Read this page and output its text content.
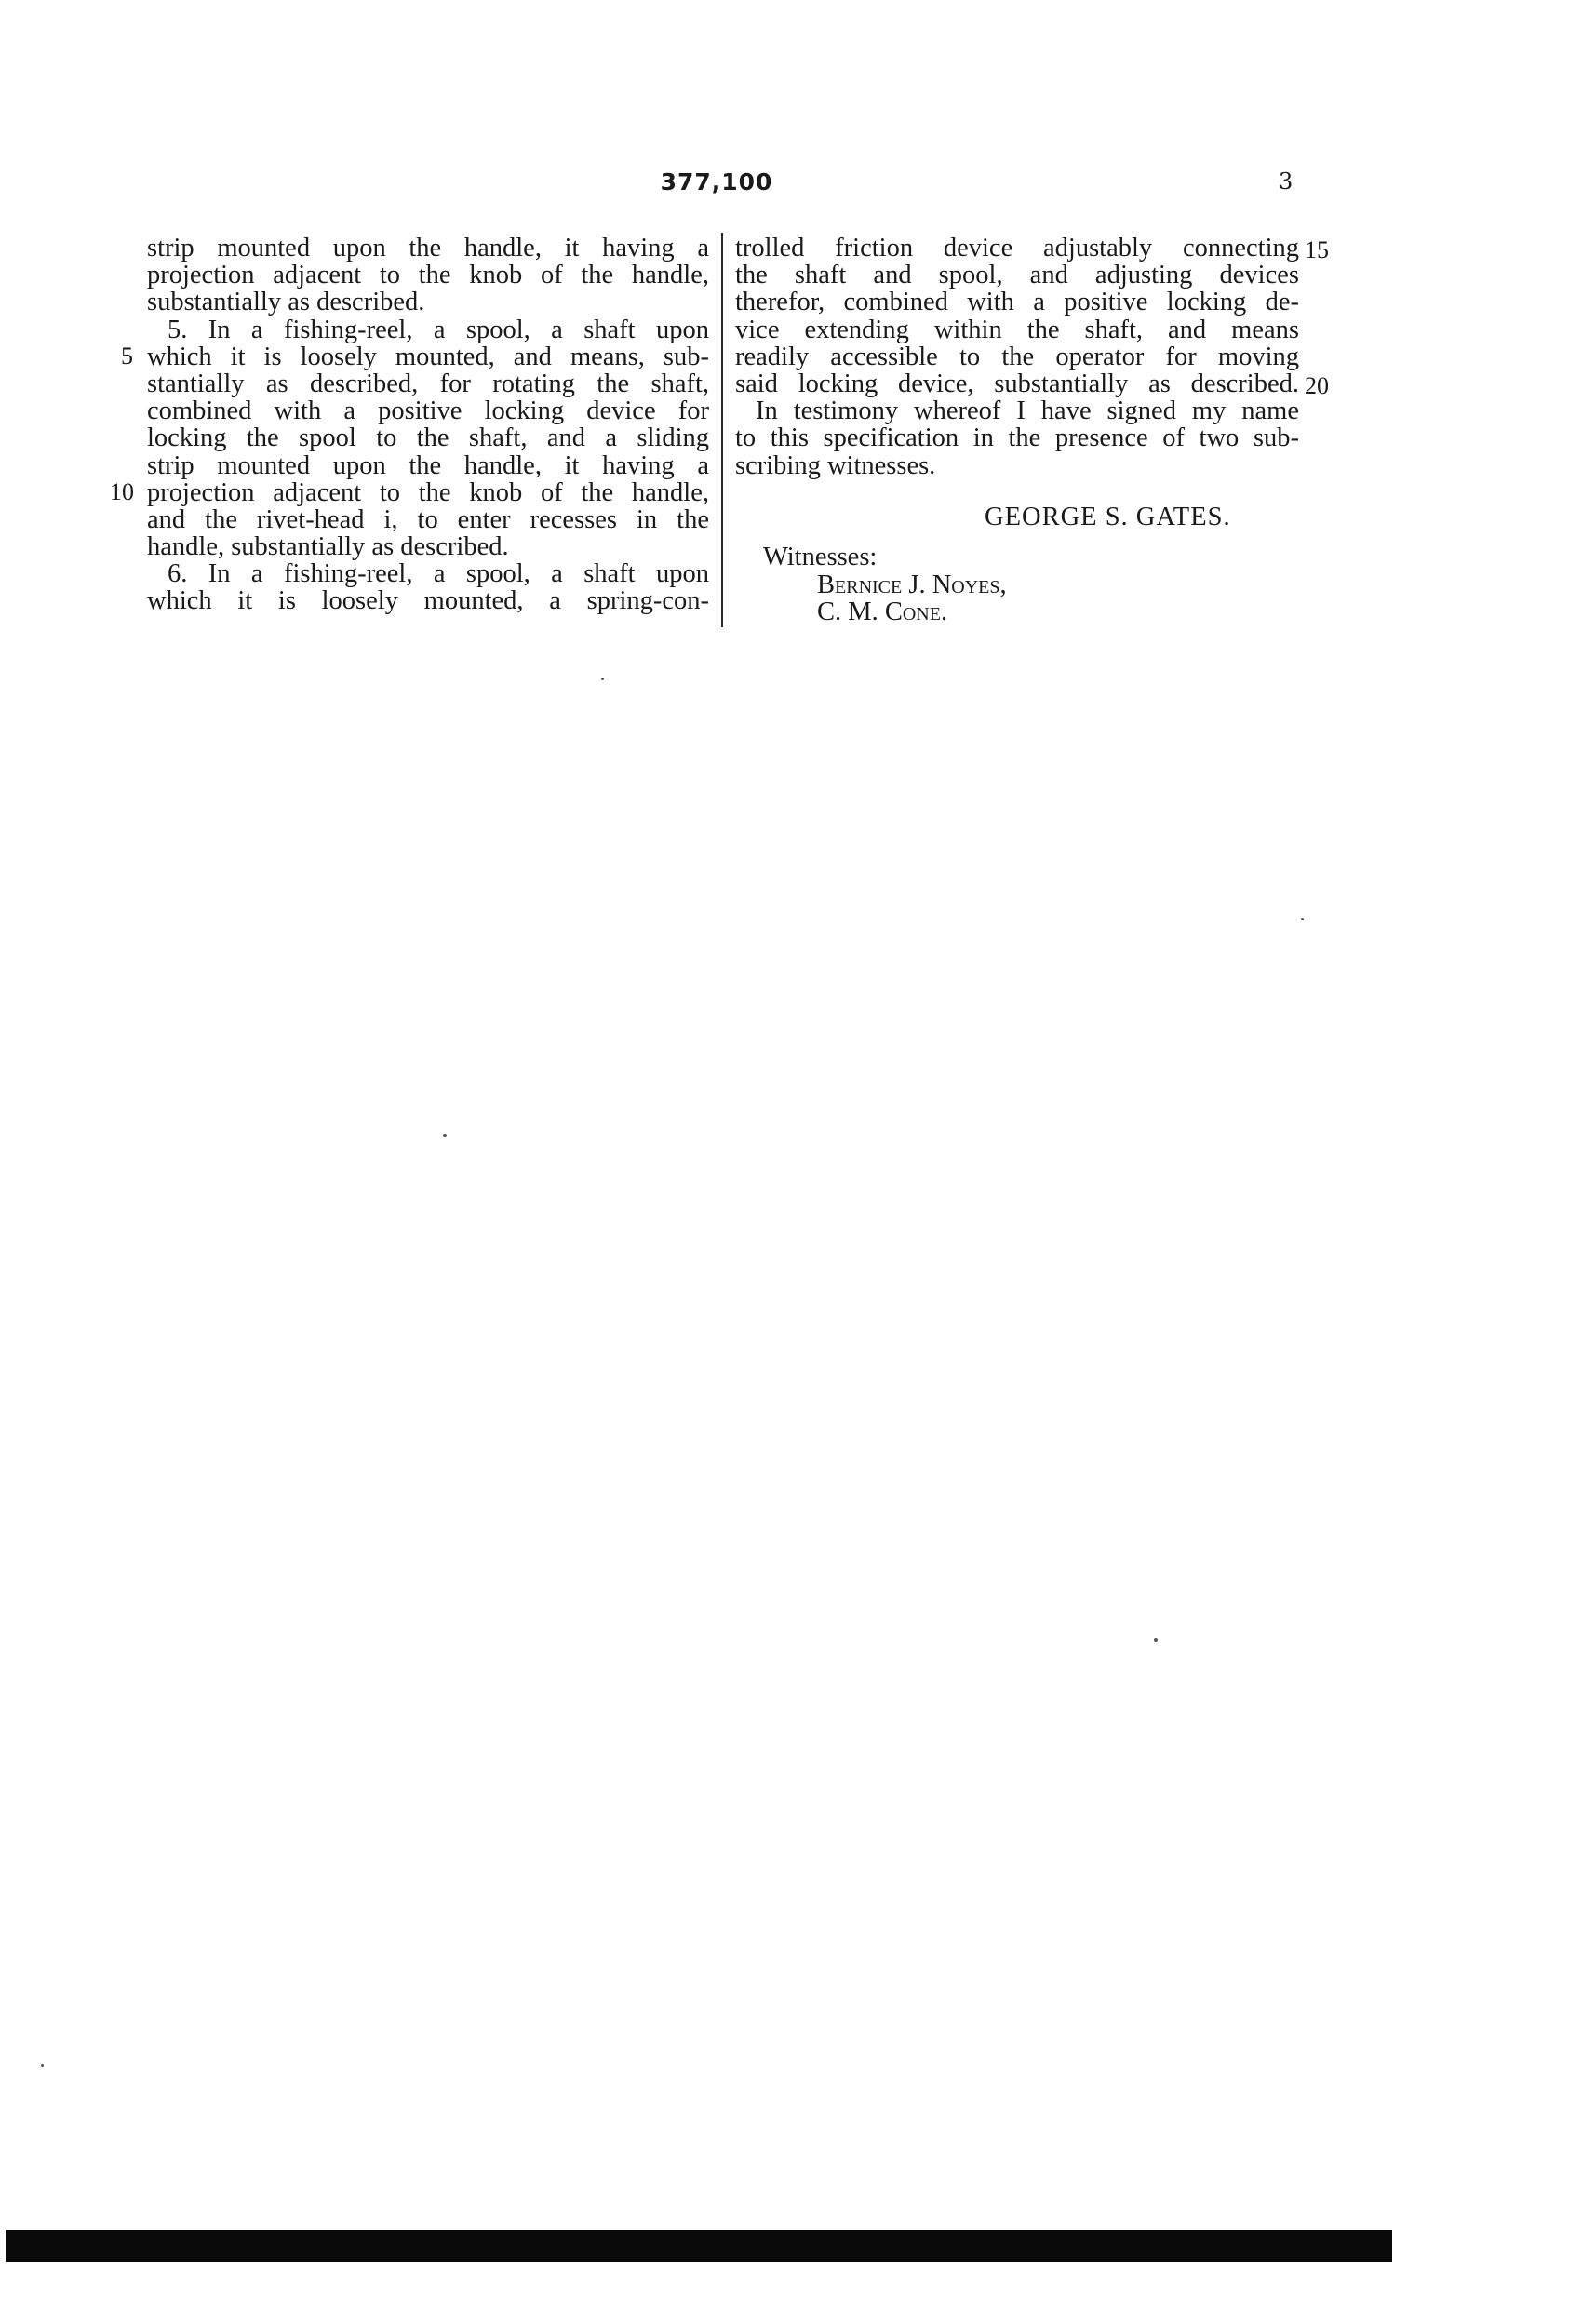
377,100	3
strip mounted upon the handle, it having a
projection adjacent to the knob of the handle,
substantially as described.
5. In a fishing-reel, a spool, a shaft upon
which it is loosely mounted, and means, sub-
stantially as described, for rotating the shaft,
combined with a positive locking device for
locking the spool to the shaft, and a sliding
strip mounted upon the handle, it having a
projection adjacent to the knob of the handle,
and the rivet-head i, to enter recesses in the
handle, substantially as described.
6. In a fishing-reel, a spool, a shaft upon
which it is loosely mounted, a spring-con-
trolled friction device adjustably connecting
the shaft and spool, and adjusting devices
therefor, combined with a positive locking de-
vice extending within the shaft, and means
readily accessible to the operator for moving
said locking device, substantially as described.
In testimony whereof I have signed my name
to this specification in the presence of two sub-
scribing witnesses.
5
10
15
20
GEORGE S. GATES.
Witnesses:
Bernice J. Noyes,
C. M. Cone.
